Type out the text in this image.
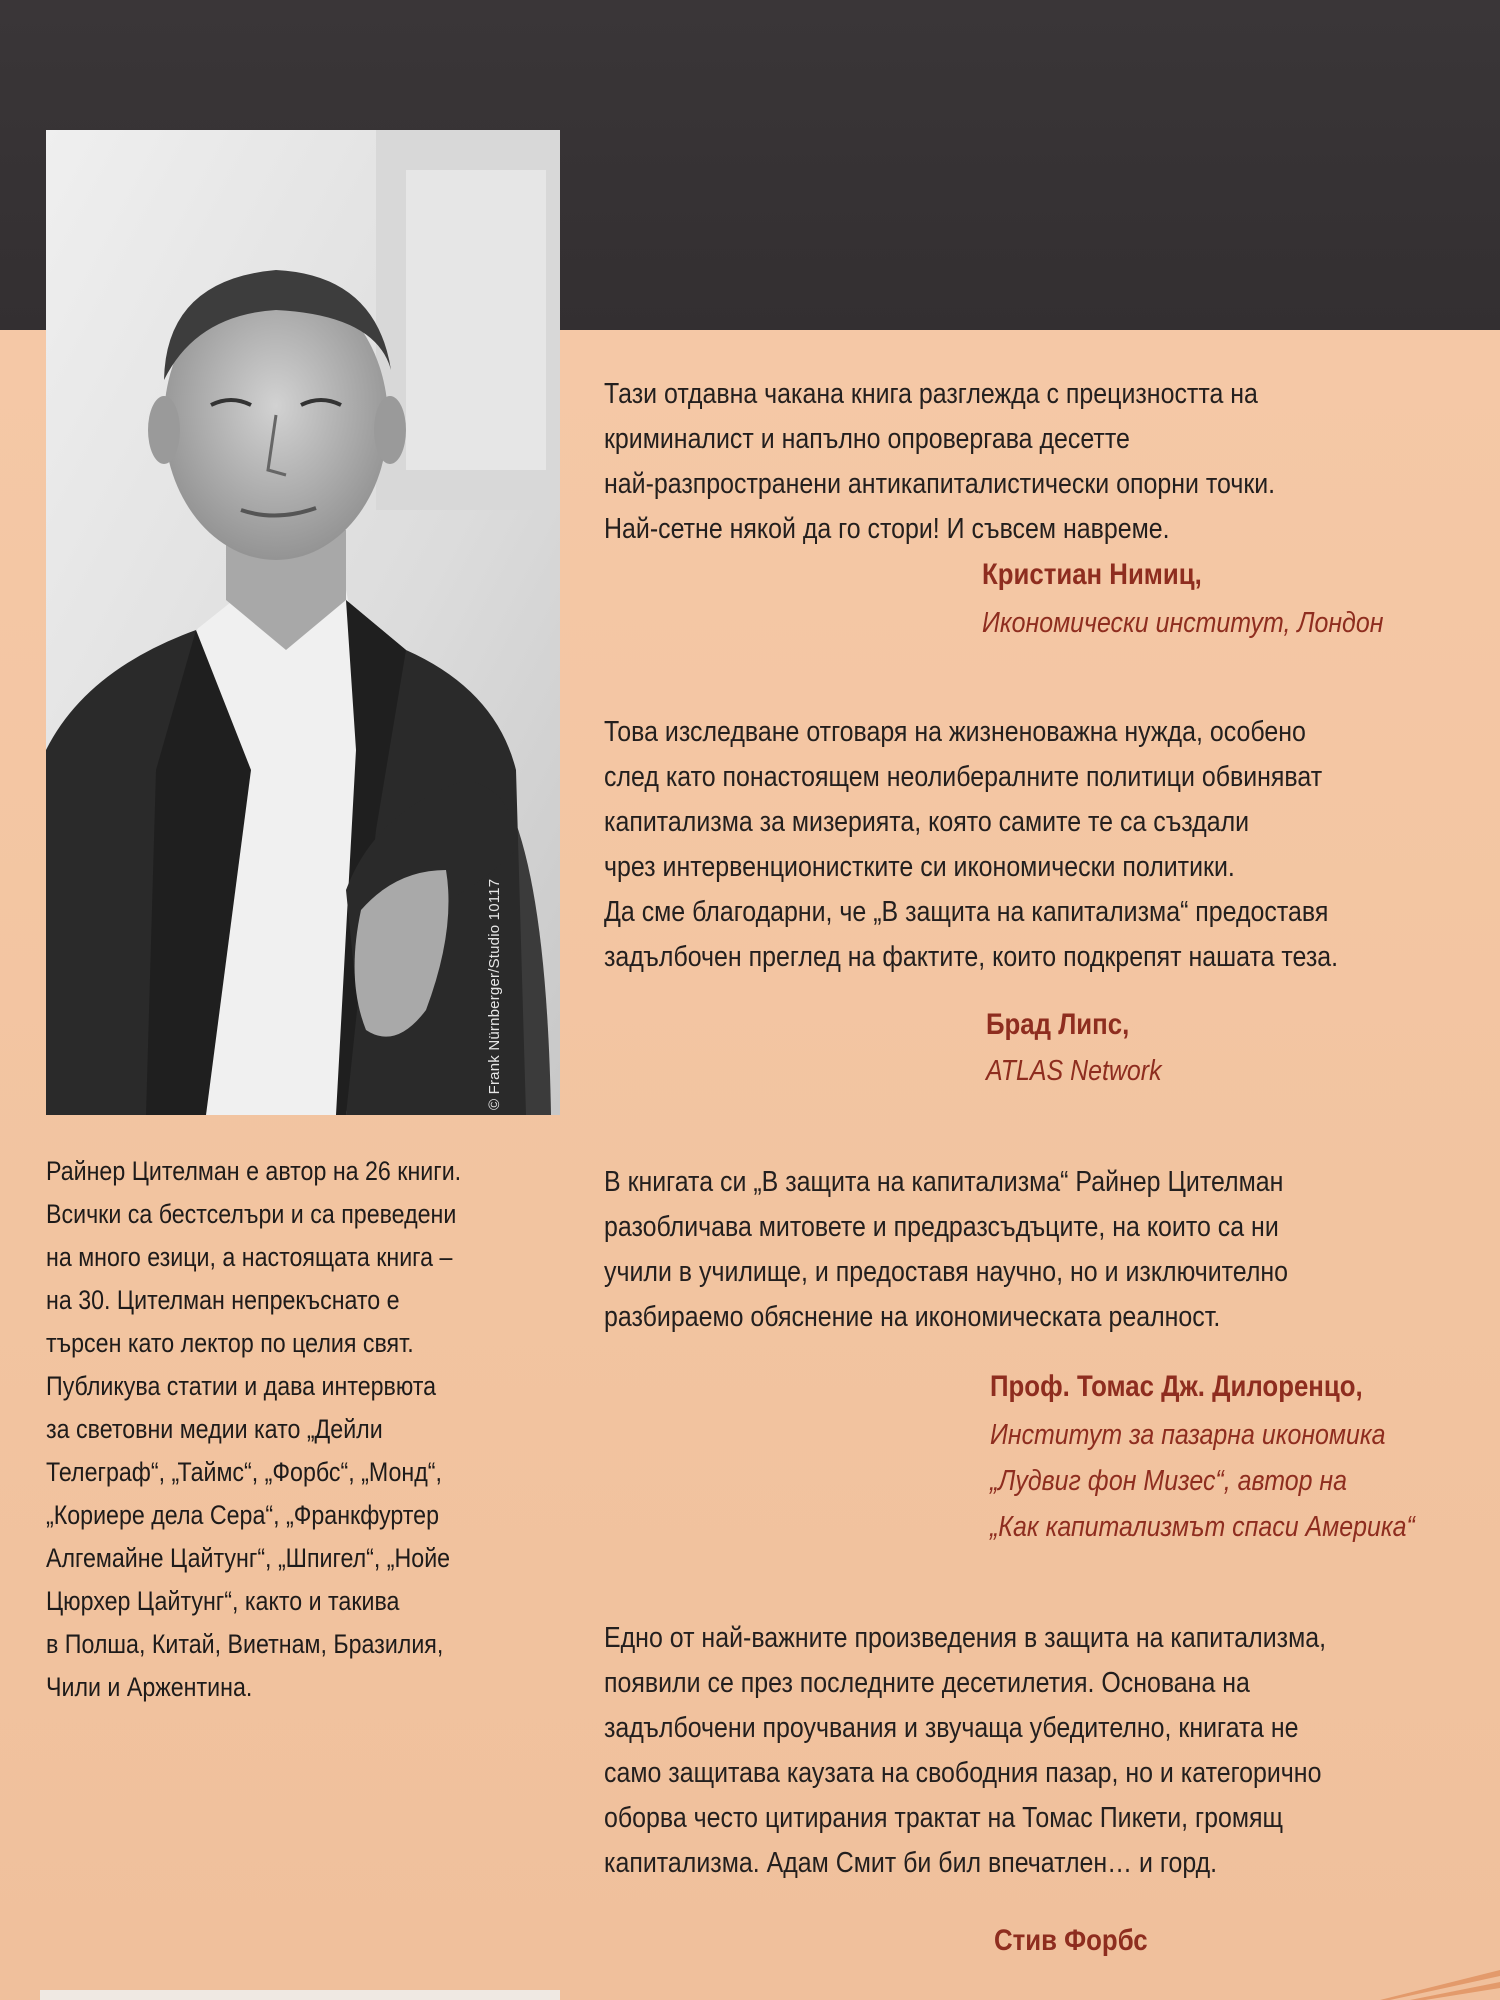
© Frank Nürnberger/Studio 10117
Райнер Цителман е автор на 26 книги.
Всички са бестселъри и са преведени
на много езици, а настоящата книга –
на 30. Цителман непрекъснато е
търсен като лектор по целия свят.
Публикува статии и дава интервюта
за световни медии като „Дейли
Телеграф“, „Таймс“, „Форбс“, „Монд“,
„Кориере дела Сера“, „Франкфуртер
Алгемайне Цайтунг“, „Шпигел“, „Нойе
Цюрхер Цайтунг“, както и такива
в Полша, Китай, Виетнам, Бразилия,
Чили и Аржентина.
Тази отдавна чакана книга разглежда с прецизността на
криминалист и напълно опровергава десетте
най-разпространени антикапиталистически опорни точки.
Най-сетне някой да го стори! И съвсем навреме.
Кристиан Нимиц,
Икономически институт, Лондон
Това изследване отговаря на жизненоважна нужда, особено
след като понастоящем неолибералните политици обвиняват
капитализма за мизерията, която самите те са създали
чрез интервенционистките си икономически политики.
Да сме благодарни, че „В защита на капитализма“ предоставя
задълбочен преглед на фактите, които подкрепят нашата теза.
Брад Липс,
ATLAS Network
В книгата си „В защита на капитализма“ Райнер Цителман
разобличава митовете и предразсъдъците, на които са ни
учили в училище, и предоставя научно, но и изключително
разбираемо обяснение на икономическата реалност.
Проф. Томас Дж. Дилоренцо,
Институт за пазарна икономика
„Лудвиг фон Мизес“, автор на
„Как капитализмът спаси Америка“
Едно от най-важните произведения в защита на капитализма,
появили се през последните десетилетия. Основана на
задълбочени проучвания и звучаща убедително, книгата не
само защитава каузата на свободния пазар, но и категорично
оборва често цитирания трактат на Томас Пикети, громящ
капитализма. Адам Смит би бил впечатлен… и горд.
Стив Форбс
